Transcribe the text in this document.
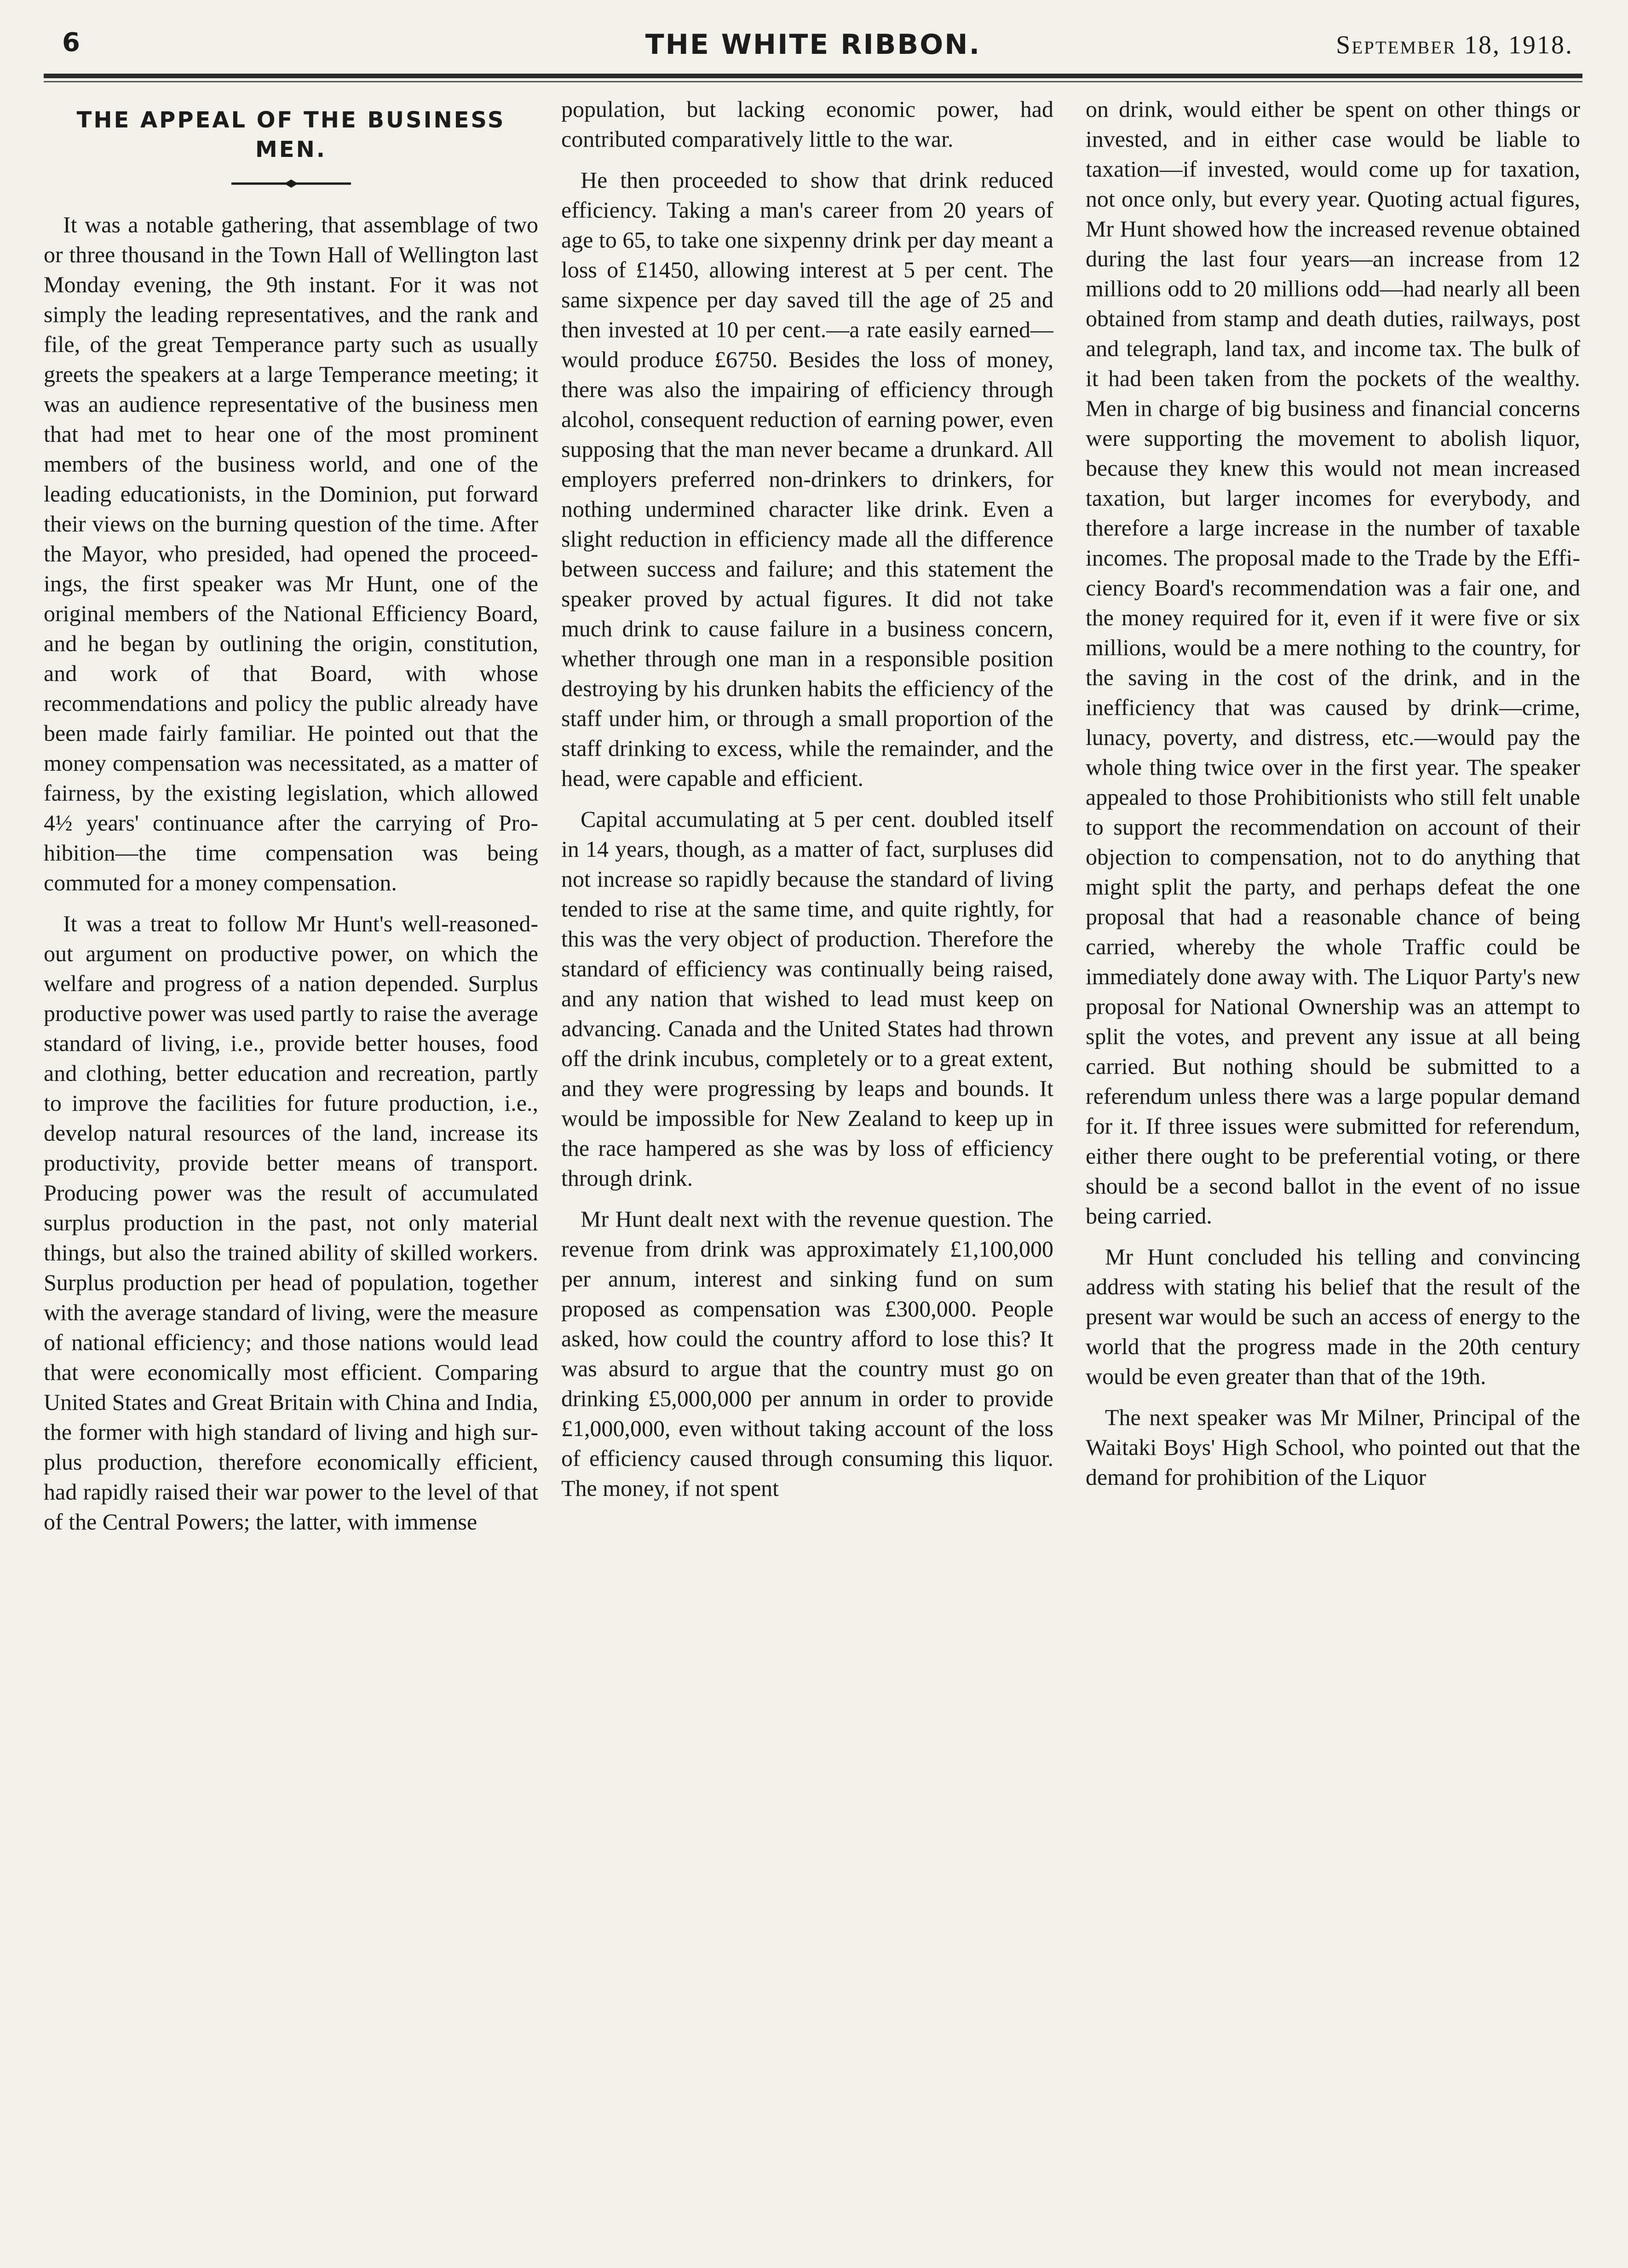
6	THE WHITE RIBBON.	September 18, 1918.
THE APPEAL OF THE BUSINESS MEN.

It was a notable gathering, that assemblage of two or three thousand in the Town Hall of Wellington last Monday evening, the 9th instant. For it was not simply the leading representatives, and the rank and file, of the great Temperance party such as usually greets the speakers at a large Temperance meeting; it was an audience representative of the business men that had met to hear one of the most prominent members of the business world, and one of the leading educationists, in the Dominion, put forward their views on the burning question of the time. After the Mayor, who presided, had opened the proceedings, the first speaker was Mr Hunt, one of the original members of the National Efficiency Board, and he began by outlining the origin, constitution, and work of that Board, with whose recommendations and policy the public already have been made fairly familiar. He pointed out that the money compensation was necessitated, as a matter of fairness, by the existing legislation, which allowed 4½ years' continuance after the carrying of Prohibition—the time compensation was being commuted for a money compensation.

It was a treat to follow Mr Hunt's well-reasoned-out argument on productive power, on which the welfare and progress of a nation depended. Surplus productive power was used partly to raise the average standard of living, i.e., provide better houses, food and clothing, better education and recreation, partly to improve the facilities for future production, i.e., develop natural resources of the land, increase its productivity, provide better means of transport. Producing power was the result of accumulated surplus production in the past, not only material things, but also the trained ability of skilled workers. Surplus production per head of population, together with the average standard of living, were the measure of national efficiency; and those nations would lead that were economically most efficient. Comparing United States and Great Britain with China and India, the former with high standard of living and high surplus production, therefore economically efficient, had rapidly raised their war power to the level of that of the Central Powers; the latter, with immense

population, but lacking economic power, had contributed comparatively little to the war.

He then proceeded to show that drink reduced efficiency. Taking a man's career from 20 years of age to 65, to take one sixpenny drink per day meant a loss of £1450, allowing interest at 5 per cent. The same sixpence per day saved till the age of 25 and then invested at 10 per cent.—a rate easily earned—would produce £6750. Besides the loss of money, there was also the impairing of efficiency through alcohol, consequent reduction of earning power, even supposing that the man never became a drunkard. All employers preferred non-drinkers to drinkers, for nothing undermined character like drink. Even a slight reduction in efficiency made all the difference between success and failure; and this statement the speaker proved by actual figures. It did not take much drink to cause failure in a business concern, whether through one man in a responsible position destroying by his drunken habits the efficiency of the staff under him, or through a small proportion of the staff drinking to excess, while the remainder, and the head, were capable and efficient.

Capital accumulating at 5 per cent. doubled itself in 14 years, though, as a matter of fact, surpluses did not increase so rapidly because the standard of living tended to rise at the same time, and quite rightly, for this was the very object of production. Therefore the standard of efficiency was continually being raised, and any nation that wished to lead must keep on advancing. Canada and the United States had thrown off the drink incubus, completely or to a great extent, and they were progressing by leaps and bounds. It would be impossible for New Zealand to keep up in the race hampered as she was by loss of efficiency through drink.

Mr Hunt dealt next with the revenue question. The revenue from drink was approximately £1,100,000 per annum, interest and sinking fund on sum proposed as compensation was £300,000. People asked, how could the country afford to lose this? It was absurd to argue that the country must go on drinking £5,000,000 per annum in order to provide £1,000,000, even without taking account of the loss of efficiency caused through consuming this liquor. The money, if not spent

on drink, would either be spent on other things or invested, and in either case would be liable to taxation—if invested, would come up for taxation, not once only, but every year. Quoting actual figures, Mr Hunt showed how the increased revenue obtained during the last four years—an increase from 12 millions odd to 20 millions odd—had nearly all been obtained from stamp and death duties, railways, post and telegraph, land tax, and income tax. The bulk of it had been taken from the pockets of the wealthy. Men in charge of big business and financial concerns were supporting the movement to abolish liquor, because they knew this would not mean increased taxation, but larger incomes for everybody, and therefore a large increase in the number of taxable incomes. The proposal made to the Trade by the Efficiency Board's recommendation was a fair one, and the money required for it, even if it were five or six millions, would be a mere nothing to the country, for the saving in the cost of the drink, and in the inefficiency that was caused by drink—crime, lunacy, poverty, and distress, etc.—would pay the whole thing twice over in the first year. The speaker appealed to those Prohibitionists who still felt unable to support the recommendation on account of their objection to compensation, not to do anything that might split the party, and perhaps defeat the one proposal that had a reasonable chance of being carried, whereby the whole Traffic could be immediately done away with. The Liquor Party's new proposal for National Ownership was an attempt to split the votes, and prevent any issue at all being carried. But nothing should be submitted to a referendum unless there was a large popular demand for it. If three issues were submitted for referendum, either there ought to be preferential voting, or there should be a second ballot in the event of no issue being carried.

Mr Hunt concluded his telling and convincing address with stating his belief that the result of the present war would be such an access of energy to the world that the progress made in the 20th century would be even greater than that of the 19th.

The next speaker was Mr Milner, Principal of the Waitaki Boys' High School, who pointed out that the demand for prohibition of the Liquor
